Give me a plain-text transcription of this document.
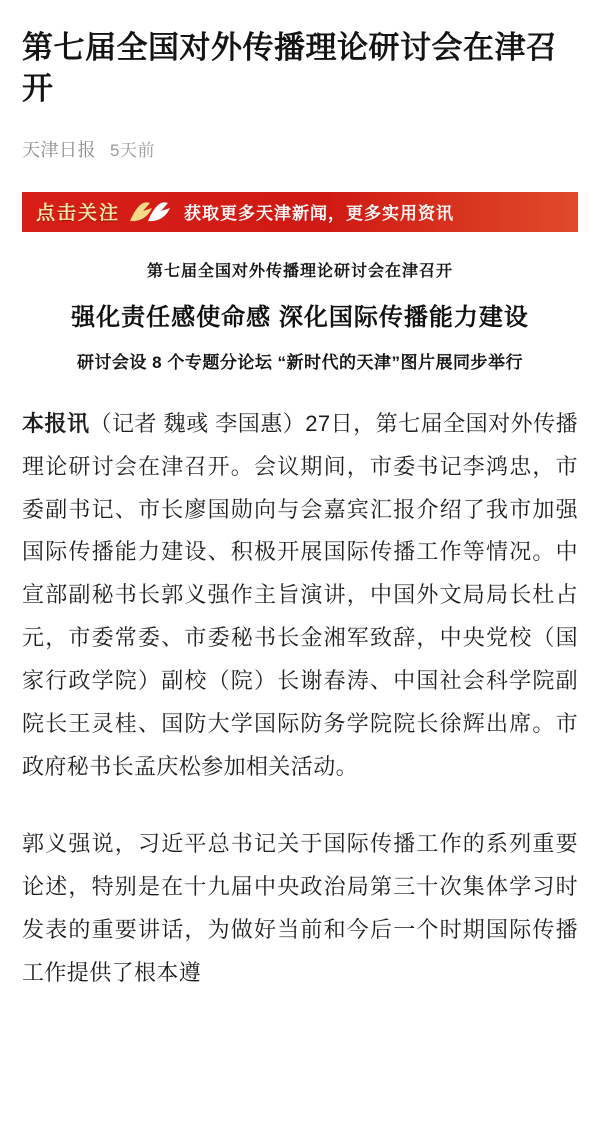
第七届全国对外传播理论研讨会在津召开
天津日报 5天前
点击关注	获取更多天津新闻，更多实用资讯
第七届全国对外传播理论研讨会在津召开
强化责任感使命感 深化国际传播能力建设
研讨会设 8 个专题分论坛 “新时代的天津”图片展同步举行

本报讯（记者 魏彧 李国惠）27日，第七届全国对外传播理论研讨会在津召开。会议期间，市委书记李鸿忠，市委副书记、市长廖国勋向与会嘉宾汇报介绍了我市加强国际传播能力建设、积极开展国际传播工作等情况。中宣部副秘书长郭义强作主旨演讲，中国外文局局长杜占元，市委常委、市委秘书长金湘军致辞，中央党校（国家行政学院）副校（院）长谢春涛、中国社会科学院副院长王灵桂、国防大学国际防务学院院长徐辉出席。市政府秘书长孟庆松参加相关活动。

郭义强说，习近平总书记关于国际传播工作的系列重要论述，特别是在十九届中央政治局第三十次集体学习时发表的重要讲话，为做好当前和今后一个时期国际传播工作提供了根本遵
